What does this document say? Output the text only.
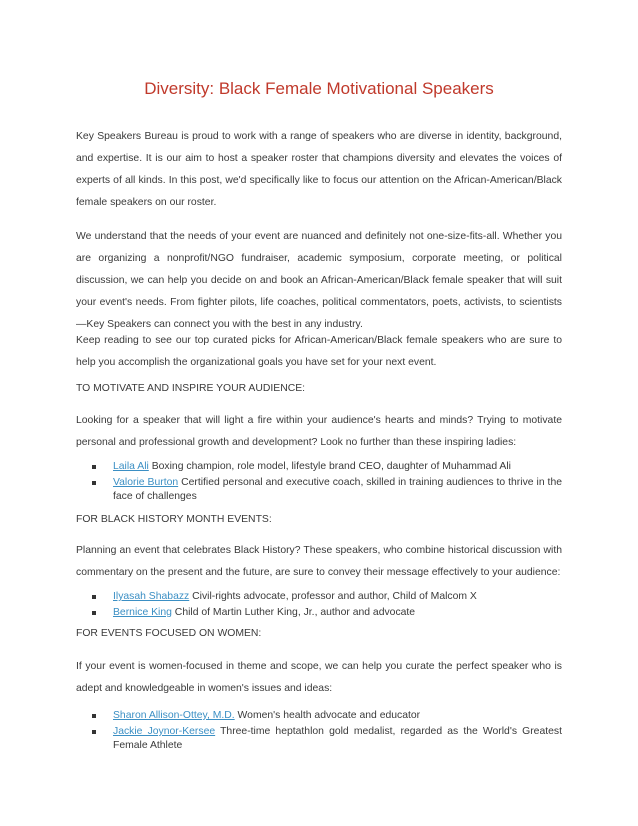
Diversity: Black Female Motivational Speakers

Key Speakers Bureau is proud to work with a range of speakers who are diverse in identity, background, and expertise. It is our aim to host a speaker roster that champions diversity and elevates the voices of experts of all kinds. In this post, we'd specifically like to focus our attention on the African-American/Black female speakers on our roster.

We understand that the needs of your event are nuanced and definitely not one-size-fits-all. Whether you are organizing a nonprofit/NGO fundraiser, academic symposium, corporate meeting, or political discussion, we can help you decide on and book an African-American/Black female speaker that will suit your event's needs. From fighter pilots, life coaches, political commentators, poets, activists, to scientists—Key Speakers can connect you with the best in any industry.

Keep reading to see our top curated picks for African-American/Black female speakers who are sure to help you accomplish the organizational goals you have set for your next event.

TO MOTIVATE AND INSPIRE YOUR AUDIENCE:

Looking for a speaker that will light a fire within your audience's hearts and minds? Trying to motivate personal and professional growth and development? Look no further than these inspiring ladies:

Laila Ali Boxing champion, role model, lifestyle brand CEO, daughter of Muhammad Ali
Valorie Burton Certified personal and executive coach, skilled in training audiences to thrive in the face of challenges
FOR BLACK HISTORY MONTH EVENTS:

Planning an event that celebrates Black History? These speakers, who combine historical discussion with commentary on the present and the future, are sure to convey their message effectively to your audience:

Ilyasah Shabazz Civil-rights advocate, professor and author, Child of Malcom X
Bernice King Child of Martin Luther King, Jr., author and advocate
FOR EVENTS FOCUSED ON WOMEN:

If your event is women-focused in theme and scope, we can help you curate the perfect speaker who is adept and knowledgeable in women's issues and ideas:

Sharon Allison-Ottey, M.D. Women's health advocate and educator
Jackie Joynor-Kersee Three-time heptathlon gold medalist, regarded as the World's Greatest Female Athlete
